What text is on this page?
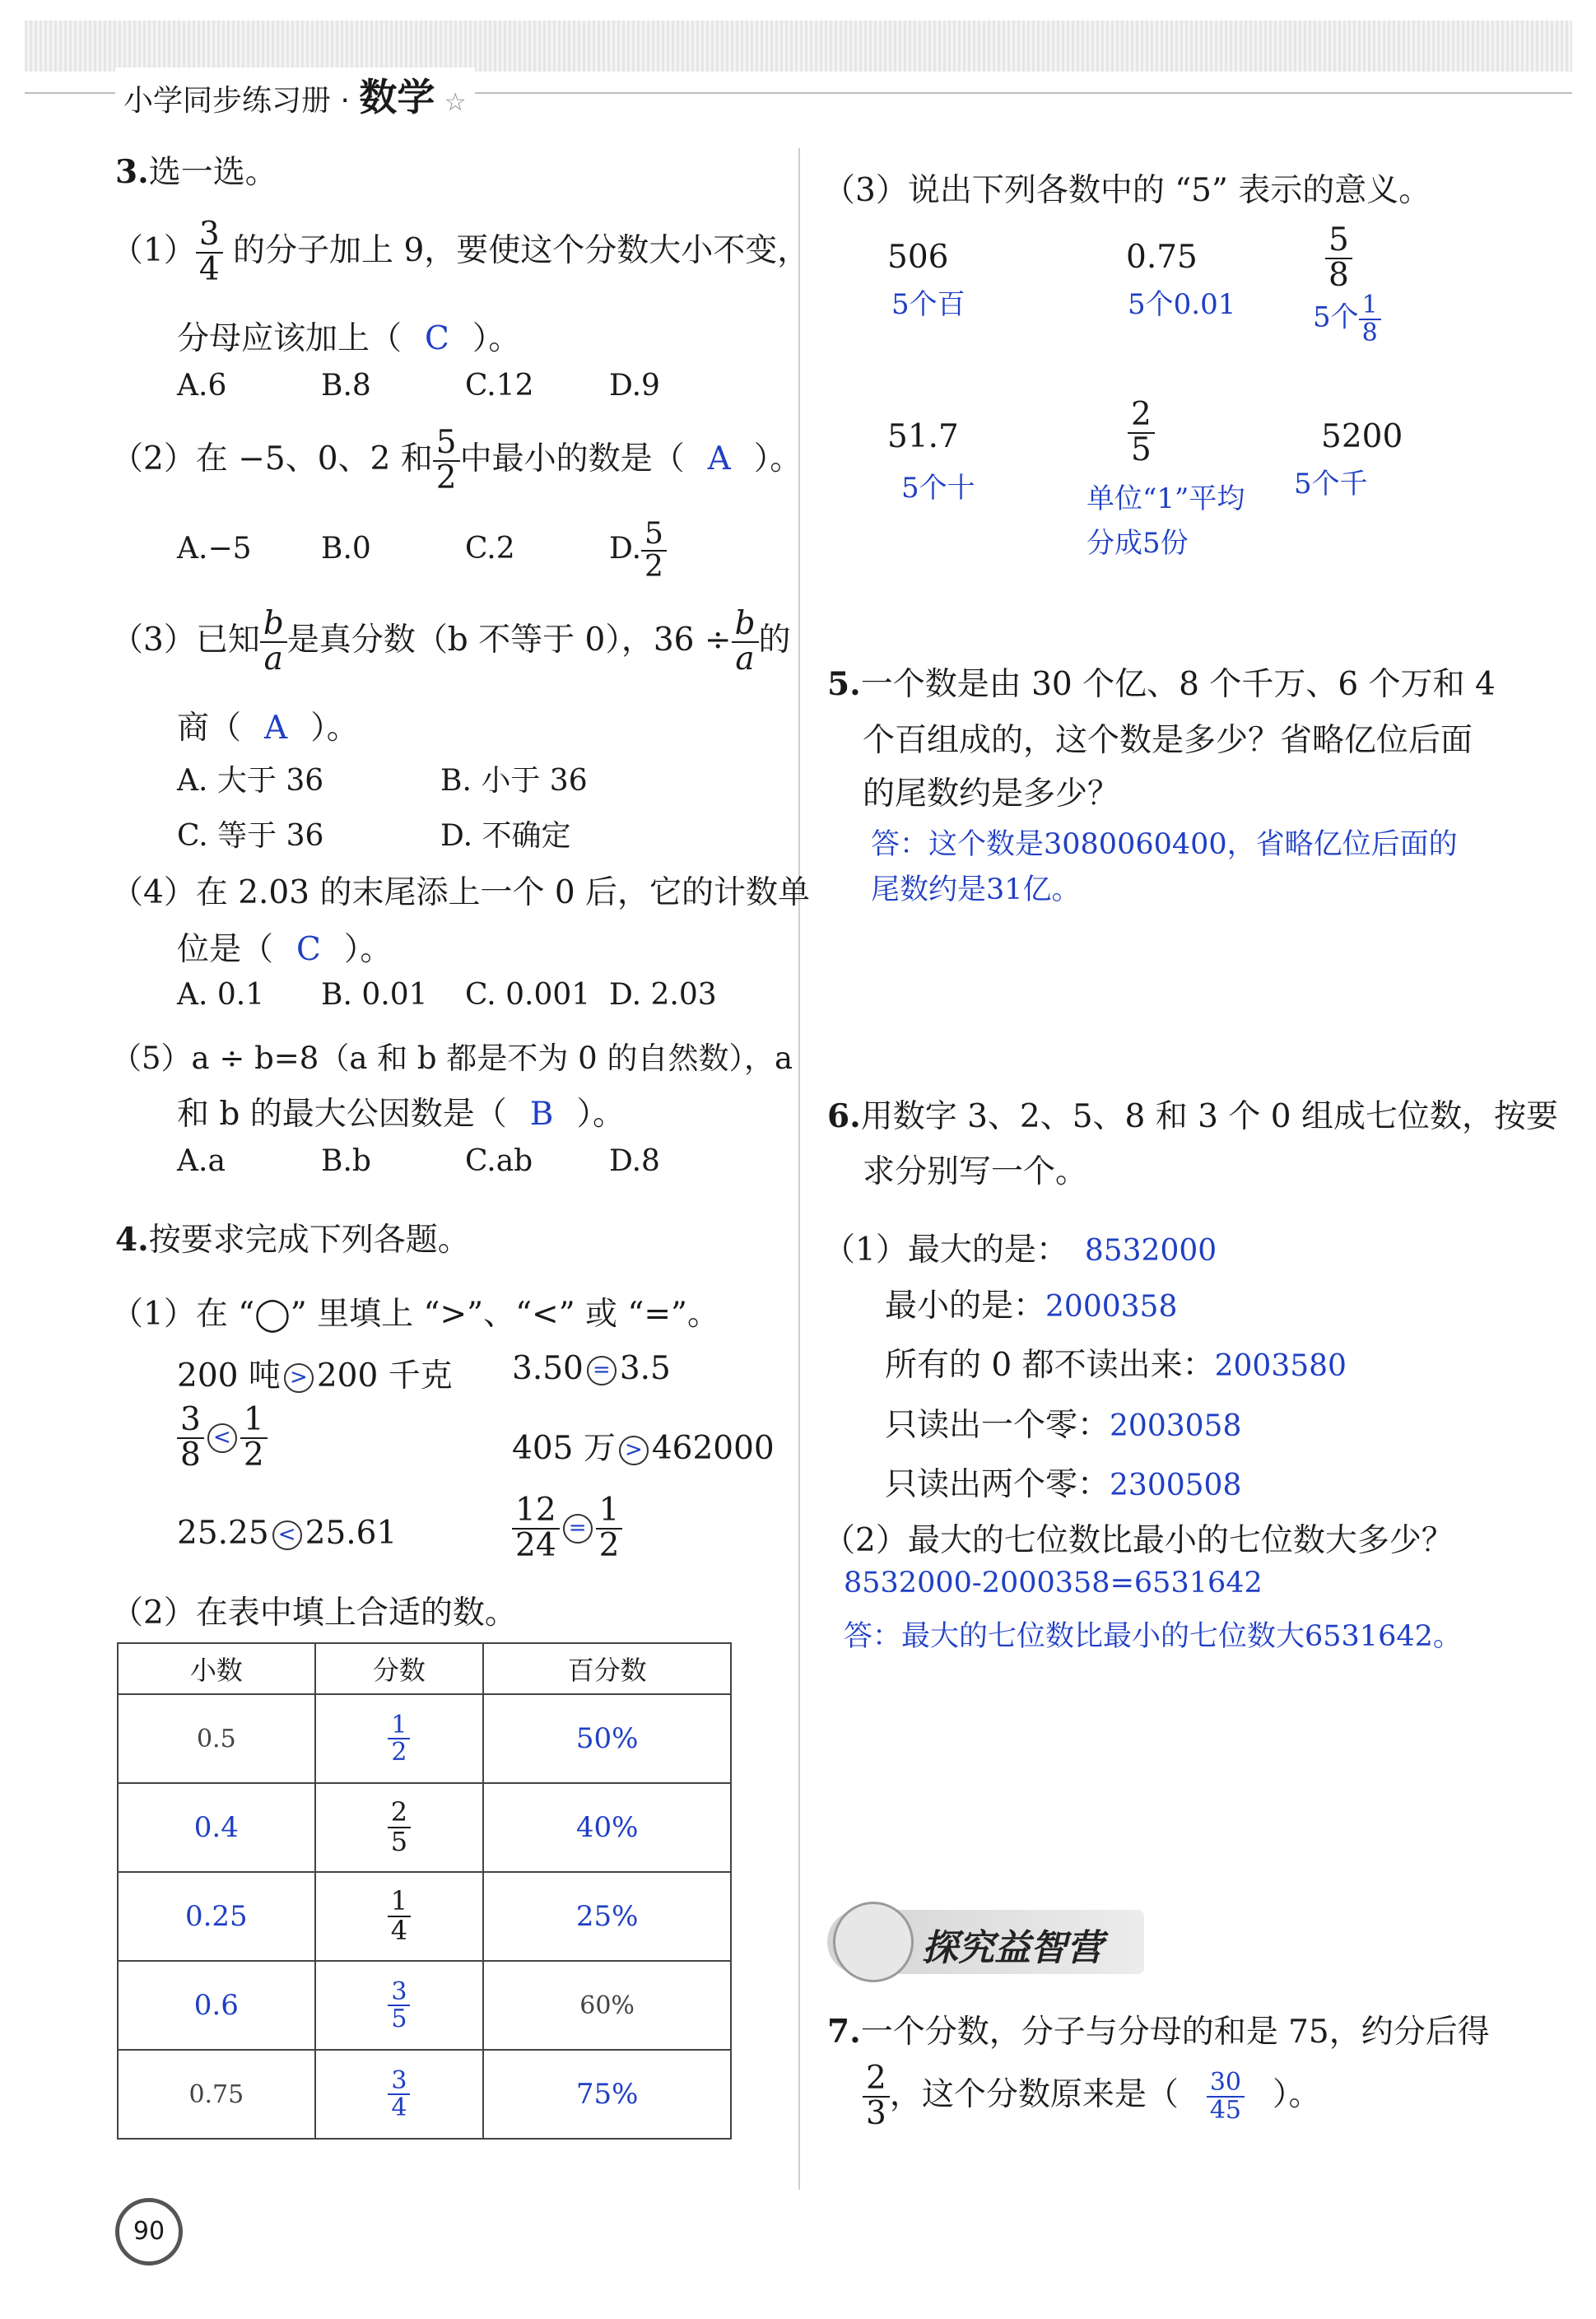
小学同步练习册 · 数学 ☆
3.选一选。
$(1) \frac{3}{4}$ 的分子加上 9，要使这个分数大小不变，
分母应该加上（ C ）。
A.6	B.8	C.12	D.9
（2）在 −5、0、2 和 $\frac{5}{2}$ 中最小的数是（ A ）。
A.−5 B.0	C.2	D. $\frac{5}{2}$
（3）已知 $\frac{b}{a}$ 是真分数（b 不等于 0），$36 \div \frac{b}{a}$ 的
商（ A ）。
A. 大于 36	B. 小于 36
C. 等于 36	D. 不确定
（4）在 2.03 的末尾添上一个 0 后，它的计数单
位是（ C ）。
A. 0.1 B. 0.01 C. 0.001 D. 2.03
（5）a ÷ b=8（a 和 b 都是不为 0 的自然数），a
和 b 的最大公因数是（ B ）。
A.a	B.b	C.ab	D.8
4.按要求完成下列各题。
（1）在 “◯” 里填上 “>”、“<” 或 “=”。
200 吨 > 200 千克 3.50 = 3.5
$\frac{3}{8} < \frac{1}{2}$	405 万 > 462000
25.25 < 25.61	$\frac{12}{24} = \frac{1}{2}$
（2）在表中填上合适的数。
小数	分数	百分数
0.5	$\frac{1}{2}$	50%
0.4	$\frac{2}{5}$	40%
0.25	$\frac{1}{4}$	25%
0.6	$\frac{3}{5}$	60%
0.75	$\frac{3}{4}$	75%
（3）说出下列各数中的 “5” 表示的意义。
506
5个百
0.75
5个0.01
$\frac{5}{8}$
5个 $\frac{1}{8}$
51.7
5个十
$\frac{2}{5}$
单位“1”平均
分成5份
5200
5个千
5.一个数是由 30 个亿、8 个千万、6 个万和 4
个百组成的，这个数是多少？省略亿位后面
的尾数约是多少？
答：这个数是3080060400，省略亿位后面的
尾数约是31亿。
6.用数字 3、2、5、8 和 3 个 0 组成七位数，按要
求分别写一个。
（1）最大的是： 8532000
最小的是：2000358
所有的 0 都不读出来：2003580
只读出一个零：2003058
只读出两个零：2300508
（2）最大的七位数比最小的七位数大多少？
8532000-2000358=6531642
答：最大的七位数比最小的七位数大6531642。
探究益智营
7.一个分数，分子与分母的和是 75，约分后得
$\frac{2}{3}$ ，这个分数原来是（ $\frac{30}{45}$ ）。
90
